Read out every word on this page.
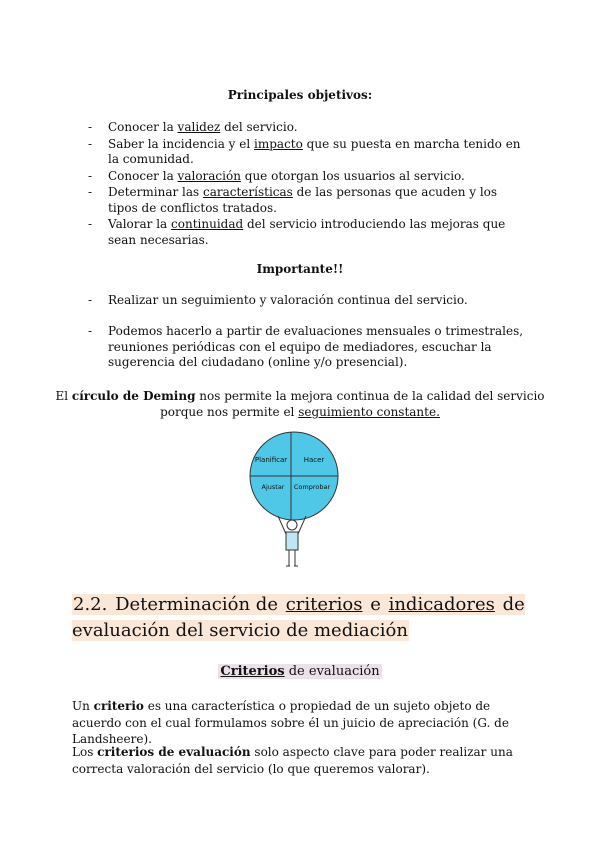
Principales objetivos:
- Conocer la validez del servicio.
- Saber la incidencia y el impacto que su puesta en marcha tenido en la comunidad.
- Conocer la valoración que otorgan los usuarios al servicio.
- Determinar las características de las personas que acuden y los tipos de conflictos tratados.
- Valorar la continuidad del servicio introduciendo las mejoras que sean necesarias.
Importante!!
- Realizar un seguimiento y valoración continua del servicio.
- Podemos hacerlo a partir de evaluaciones mensuales o trimestrales, reuniones periódicas con el equipo de mediadores, escuchar la sugerencia del ciudadano (online y/o presencial).
El círculo de Deming nos permite la mejora continua de la calidad del servicio porque nos permite el seguimiento constante.
Planificar Hacer
Ajustar Comprobar
2.2. Determinación de criterios e indicadores de evaluación del servicio de mediación
Criterios de evaluación
Un criterio es una característica o propiedad de un sujeto objeto de acuerdo con el cual formulamos sobre él un juicio de apreciación (G. de Landsheere).
Los criterios de evaluación solo aspecto clave para poder realizar una correcta valoración del servicio (lo que queremos valorar).
